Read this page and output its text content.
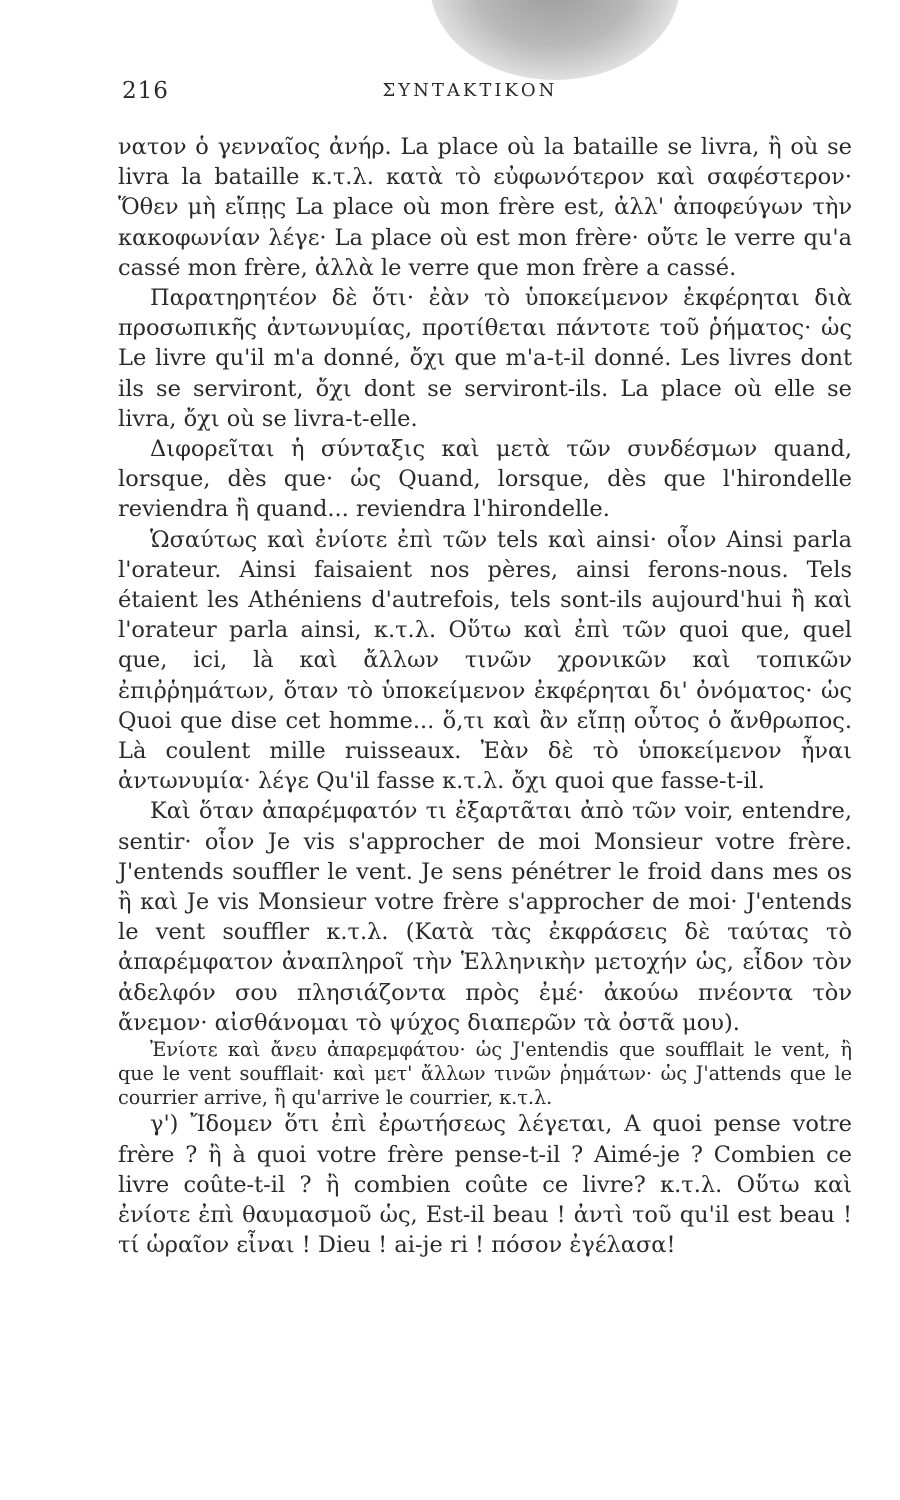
216	ΣΥΝΤΑΚΤΙΚΟΝ

νατον ὁ γενναῖος ἀνήρ. La place où la bataille se livra, ἢ où se livra la bataille κ.τ.λ. κατὰ τὸ εὐφωνότερον καὶ σαφέστερον· Ὅθεν μὴ εἴπῃς La place où mon frère est, ἀλλ' ἀποφεύγων τὴν κακοφωνίαν λέγε· La place où est mon frère· οὔτε le verre qu'a cassé mon frère, ἀλλὰ le verre que mon frère a cassé.

Παρατηρητέον δὲ ὅτι· ἐὰν τὸ ὑποκείμενον ἐκφέρηται διὰ προσωπικῆς ἀντωνυμίας, προτίθεται πάντοτε τοῦ ῥήματος· ὡς Le livre qu'il m'a donné, ὄχι que m'a-t-il donné. Les livres dont ils se serviront, ὄχι dont se serviront-ils. La place où elle se livra, ὄχι où se livra-t-elle.

Διφορεῖται ἡ σύνταξις καὶ μετὰ τῶν συνδέσμων quand, lorsque, dès que· ὡς Quand, lorsque, dès que l'hirondelle reviendra ἢ quand... reviendra l'hirondelle.

Ὡσαύτως καὶ ἐνίοτε ἐπὶ τῶν tels καὶ ainsi· οἷον Ainsi parla l'orateur. Ainsi faisaient nos pères, ainsi ferons-nous. Tels étaient les Athéniens d'autrefois, tels sont-ils aujourd'hui ἢ καὶ l'orateur parla ainsi, κ.τ.λ. Οὕτω καὶ ἐπὶ τῶν quoi que, quel que, ici, là καὶ ἄλλων τινῶν χρονικῶν καὶ τοπικῶν ἐπιῤῥημάτων, ὅταν τὸ ὑποκείμενον ἐκφέρηται δι' ὀνόματος· ὡς Quoi que dise cet homme... ὅ,τι καὶ ἂν εἴπῃ οὗτος ὁ ἄνθρωπος. Là coulent mille ruisseaux. Ἐὰν δὲ τὸ ὑποκείμενον ἦναι ἀντωνυμία· λέγε Qu'il fasse κ.τ.λ. ὄχι quoi que fasse-t-il.

Καὶ ὅταν ἀπαρέμφατόν τι ἐξαρτᾶται ἀπὸ τῶν voir, entendre, sentir· οἷον Je vis s'approcher de moi Monsieur votre frère. J'entends souffler le vent. Je sens pénétrer le froid dans mes os ἢ καὶ Je vis Monsieur votre frère s'approcher de moi· J'entends le vent souffler κ.τ.λ. (Κατὰ τὰς ἐκφράσεις δὲ ταύτας τὸ ἀπαρέμφατον ἀναπληροῖ τὴν Ἑλληνικὴν μετοχήν ὡς, εἶδον τὸν ἀδελφόν σου πλησιάζοντα πρὸς ἐμέ· ἀκούω πνέοντα τὸν ἄνεμον· αἰσθάνομαι τὸ ψύχος διαπερῶν τὰ ὀστᾶ μου).

Ἐνίοτε καὶ ἄνευ ἀπαρεμφάτου· ὡς J'entendis que soufflait le vent, ἢ que le vent soufflait· καὶ μετ' ἄλλων τινῶν ῥημάτων· ὡς J'attends que le courrier arrive, ἢ qu'arrive le courrier, κ.τ.λ.

γ') Ἴδομεν ὅτι ἐπὶ ἐρωτήσεως λέγεται, A quoi pense votre frère ? ἢ à quoi votre frère pense-t-il ? Aimé-je ? Combien ce livre coûte-t-il ? ἢ combien coûte ce livre? κ.τ.λ. Οὕτω καὶ ἐνίοτε ἐπὶ θαυμασμοῦ ὡς, Est-il beau ! ἀντὶ τοῦ qu'il est beau ! τί ὡραῖον εἶναι ! Dieu ! ai-je ri ! πόσον ἐγέλασα!
